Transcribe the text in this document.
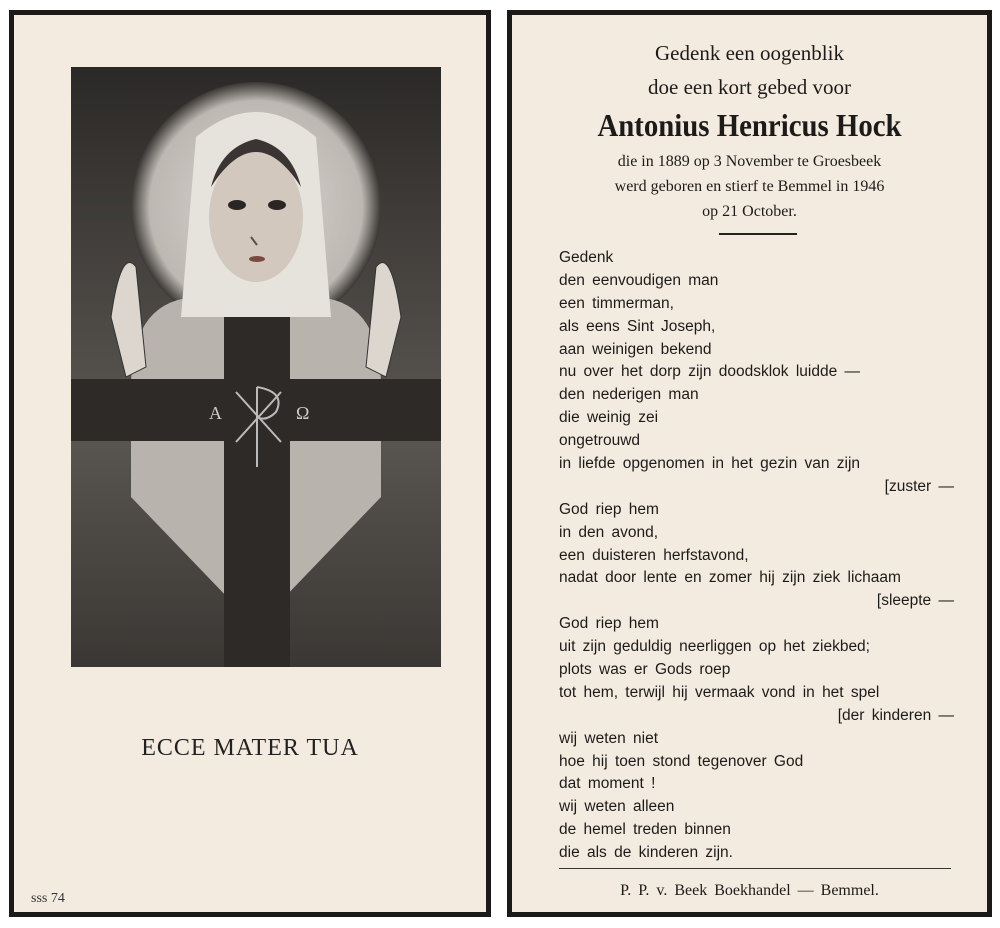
A	Ω
ECCE MATER TUA
sss 74
Gedenk een oogenblik
doe een kort gebed voor
Antonius Henricus Hock
die in 1889 op 3 November te Groesbeek
werd geboren en stierf te Bemmel in 1946
op 21 October.
Gedenk
den eenvoudigen man
een timmerman,
als eens Sint Joseph,
aan weinigen bekend
nu over het dorp zijn doodsklok luidde —
den nederigen man
die weinig zei
ongetrouwd
in liefde opgenomen in het gezin van zijn
[zuster —
God riep hem
in den avond,
een duisteren herfstavond,
nadat door lente en zomer hij zijn ziek lichaam
[sleepte —
God riep hem
uit zijn geduldig neerliggen op het ziekbed;
plots was er Gods roep
tot hem, terwijl hij vermaak vond in het spel
[der kinderen —
wij weten niet
hoe hij toen stond tegenover God
dat moment !
wij weten alleen
de hemel treden binnen
die als de kinderen zijn.
P. P. v. Beek Boekhandel — Bemmel.
